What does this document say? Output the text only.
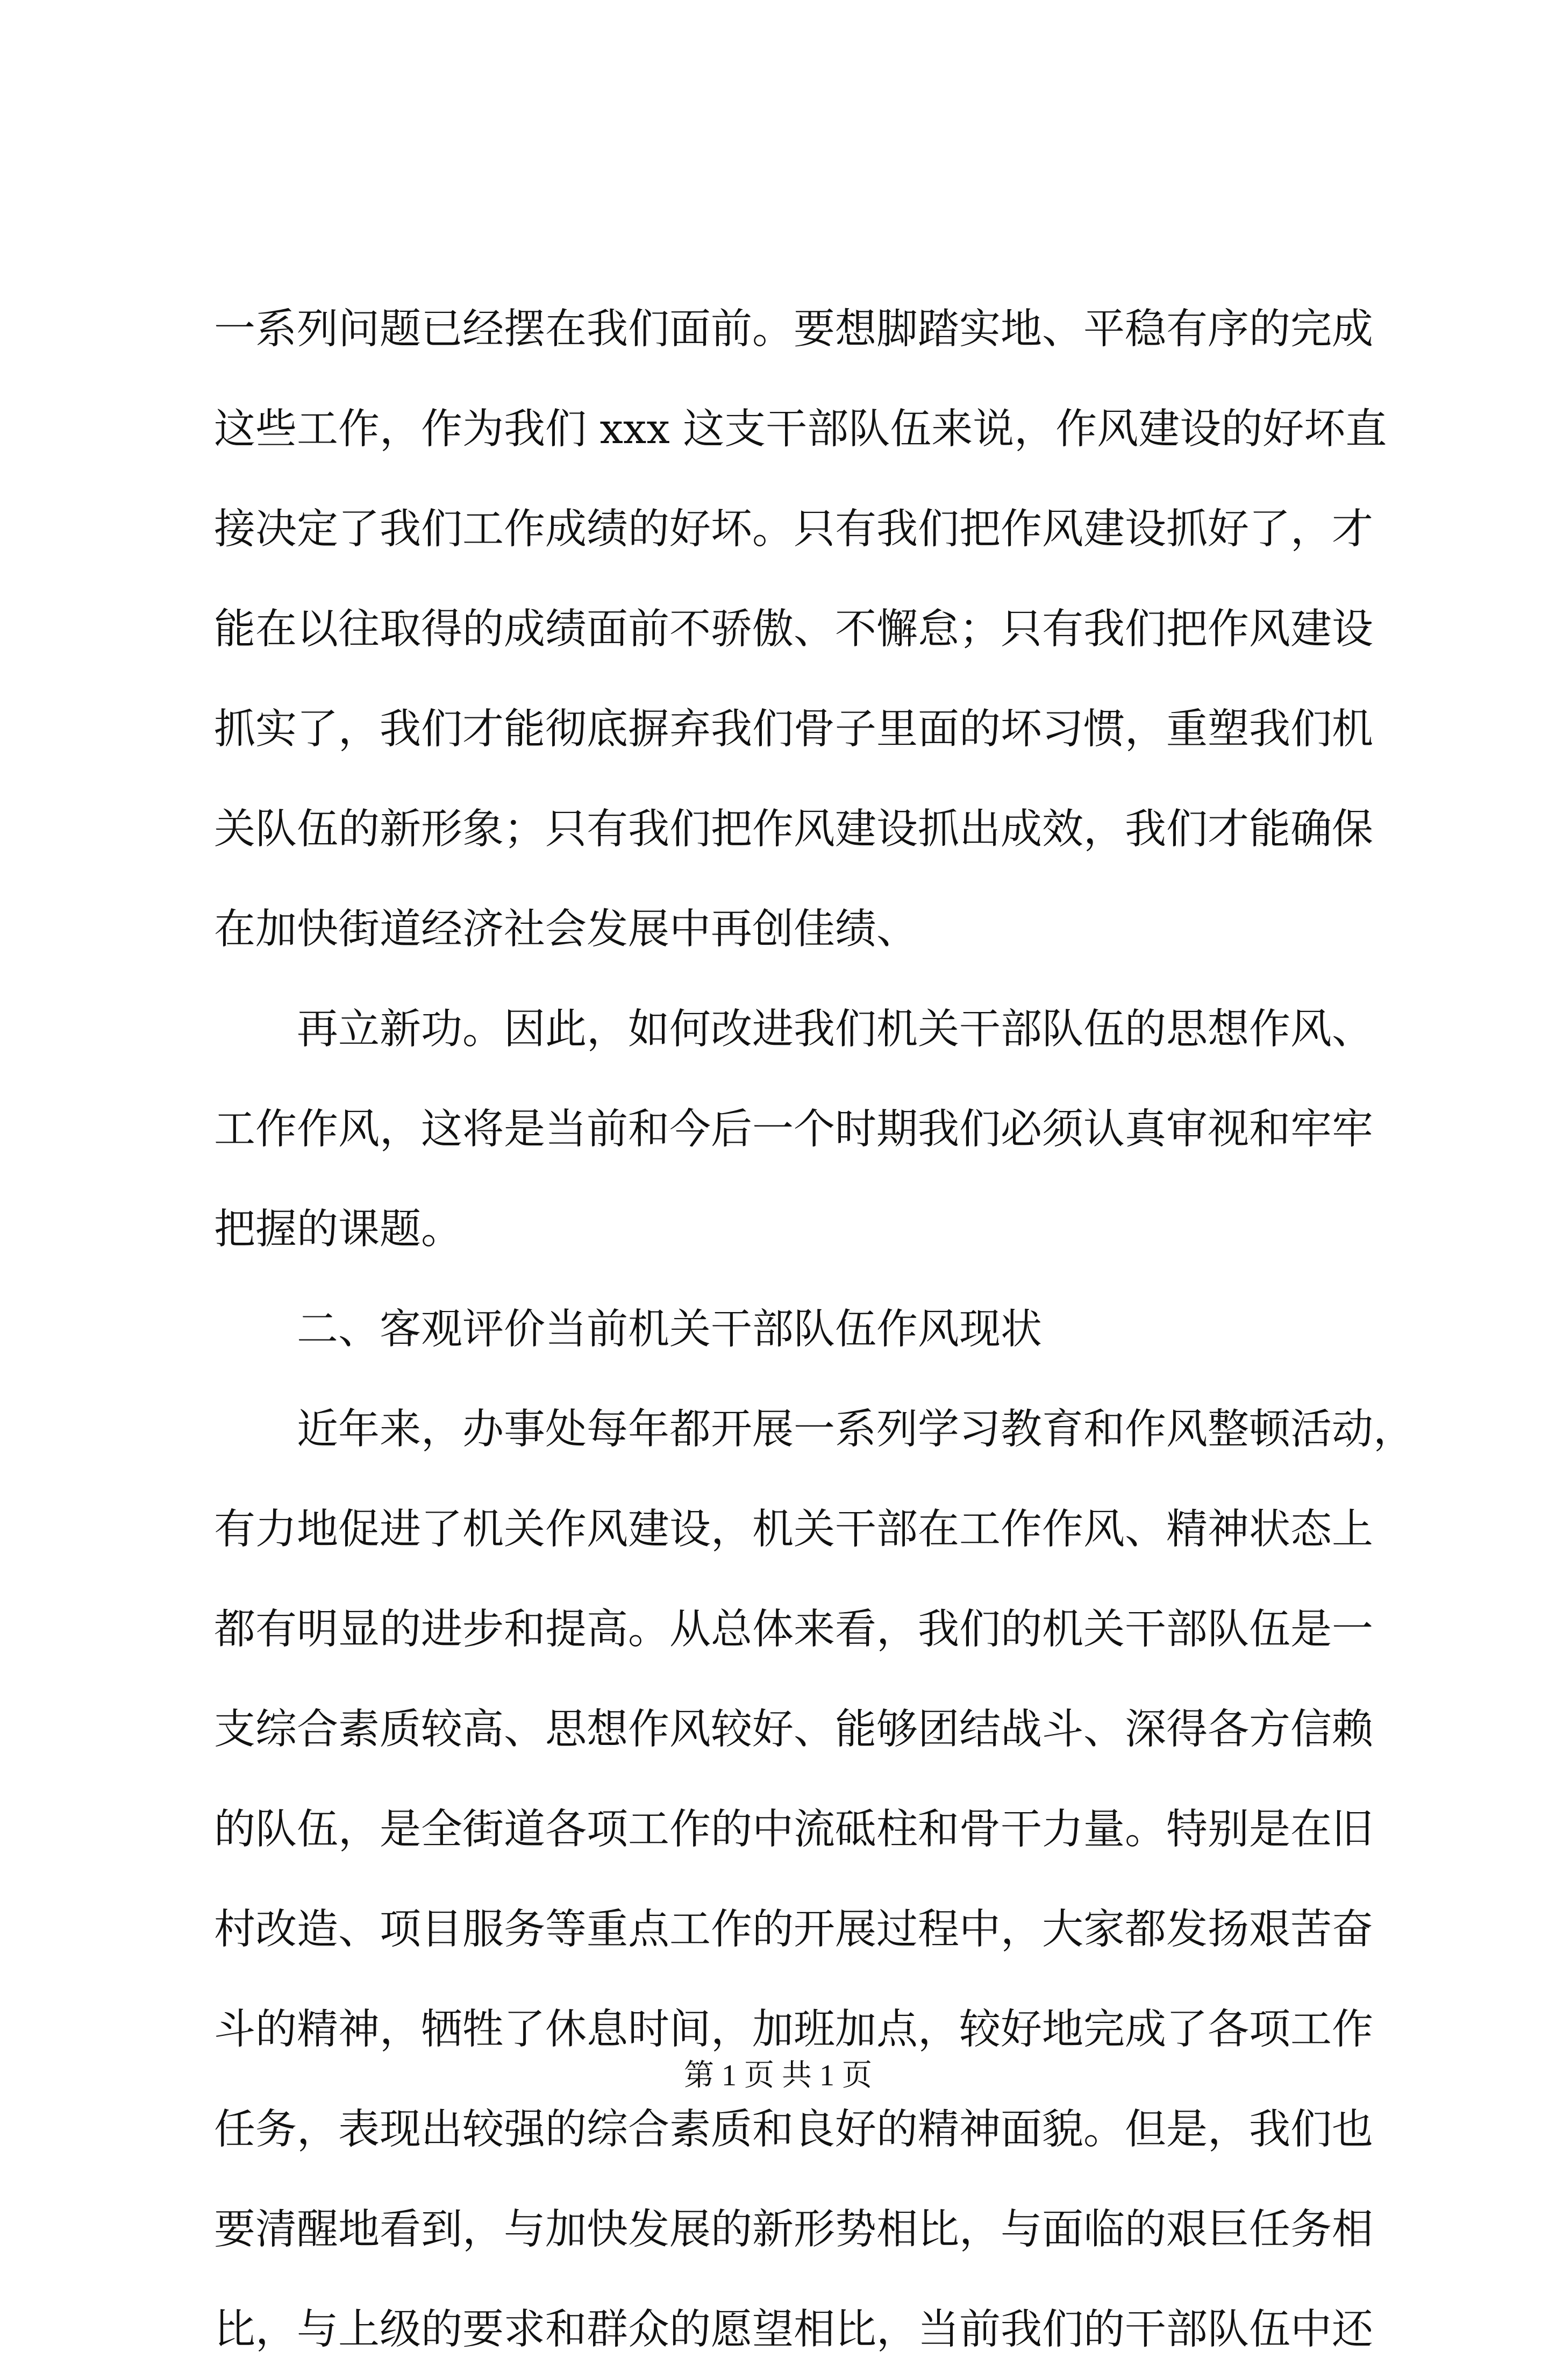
一系列问题已经摆在我们面前。要想脚踏实地、平稳有序的完成
这些工作，作为我们 xxx 这支干部队伍来说，作风建设的好坏直
接决定了我们工作成绩的好坏。只有我们把作风建设抓好了，才
能在以往取得的成绩面前不骄傲、不懈怠；只有我们把作风建设
抓实了，我们才能彻底摒弃我们骨子里面的坏习惯，重塑我们机
关队伍的新形象；只有我们把作风建设抓出成效，我们才能确保
在加快街道经济社会发展中再创佳绩、
再立新功。因此，如何改进我们机关干部队伍的思想作风、
工作作风，这将是当前和今后一个时期我们必须认真审视和牢牢
把握的课题。
二、客观评价当前机关干部队伍作风现状
近年来，办事处每年都开展一系列学习教育和作风整顿活动，
有力地促进了机关作风建设，机关干部在工作作风、精神状态上
都有明显的进步和提高。从总体来看，我们的机关干部队伍是一
支综合素质较高、思想作风较好、能够团结战斗、深得各方信赖
的队伍，是全街道各项工作的中流砥柱和骨干力量。特别是在旧
村改造、项目服务等重点工作的开展过程中，大家都发扬艰苦奋
斗的精神，牺牲了休息时间，加班加点，较好地完成了各项工作
任务，表现出较强的综合素质和良好的精神面貌。但是，我们也
要清醒地看到，与加快发展的新形势相比，与面临的艰巨任务相
比，与上级的要求和群众的愿望相比，当前我们的干部队伍中还
第 1 页 共 1 页
